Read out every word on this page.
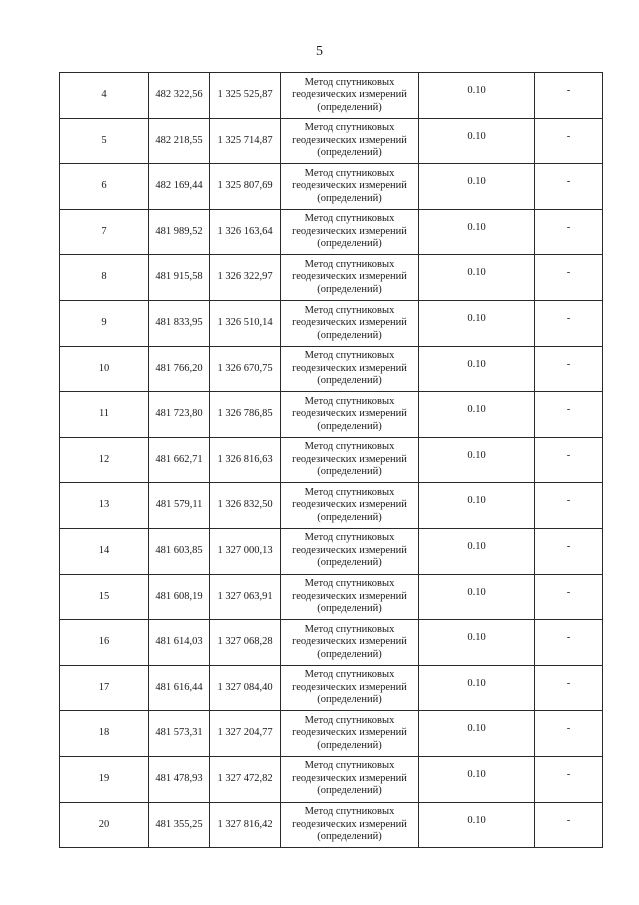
5
4	482 322,56	1 325 525,87	Метод спутниковых
геодезических измерений
(определений)	0.10	-
5	482 218,55	1 325 714,87	Метод спутниковых
геодезических измерений
(определений)	0.10	-
6	482 169,44	1 325 807,69	Метод спутниковых
геодезических измерений
(определений)	0.10	-
7	481 989,52	1 326 163,64	Метод спутниковых
геодезических измерений
(определений)	0.10	-
8	481 915,58	1 326 322,97	Метод спутниковых
геодезических измерений
(определений)	0.10	-
9	481 833,95	1 326 510,14	Метод спутниковых
геодезических измерений
(определений)	0.10	-
10	481 766,20	1 326 670,75	Метод спутниковых
геодезических измерений
(определений)	0.10	-
11	481 723,80	1 326 786,85	Метод спутниковых
геодезических измерений
(определений)	0.10	-
12	481 662,71	1 326 816,63	Метод спутниковых
геодезических измерений
(определений)	0.10	-
13	481 579,11	1 326 832,50	Метод спутниковых
геодезических измерений
(определений)	0.10	-
14	481 603,85	1 327 000,13	Метод спутниковых
геодезических измерений
(определений)	0.10	-
15	481 608,19	1 327 063,91	Метод спутниковых
геодезических измерений
(определений)	0.10	-
16	481 614,03	1 327 068,28	Метод спутниковых
геодезических измерений
(определений)	0.10	-
17	481 616,44	1 327 084,40	Метод спутниковых
геодезических измерений
(определений)	0.10	-
18	481 573,31	1 327 204,77	Метод спутниковых
геодезических измерений
(определений)	0.10	-
19	481 478,93	1 327 472,82	Метод спутниковых
геодезических измерений
(определений)	0.10	-
20	481 355,25	1 327 816,42	Метод спутниковых
геодезических измерений
(определений)	0.10	-
